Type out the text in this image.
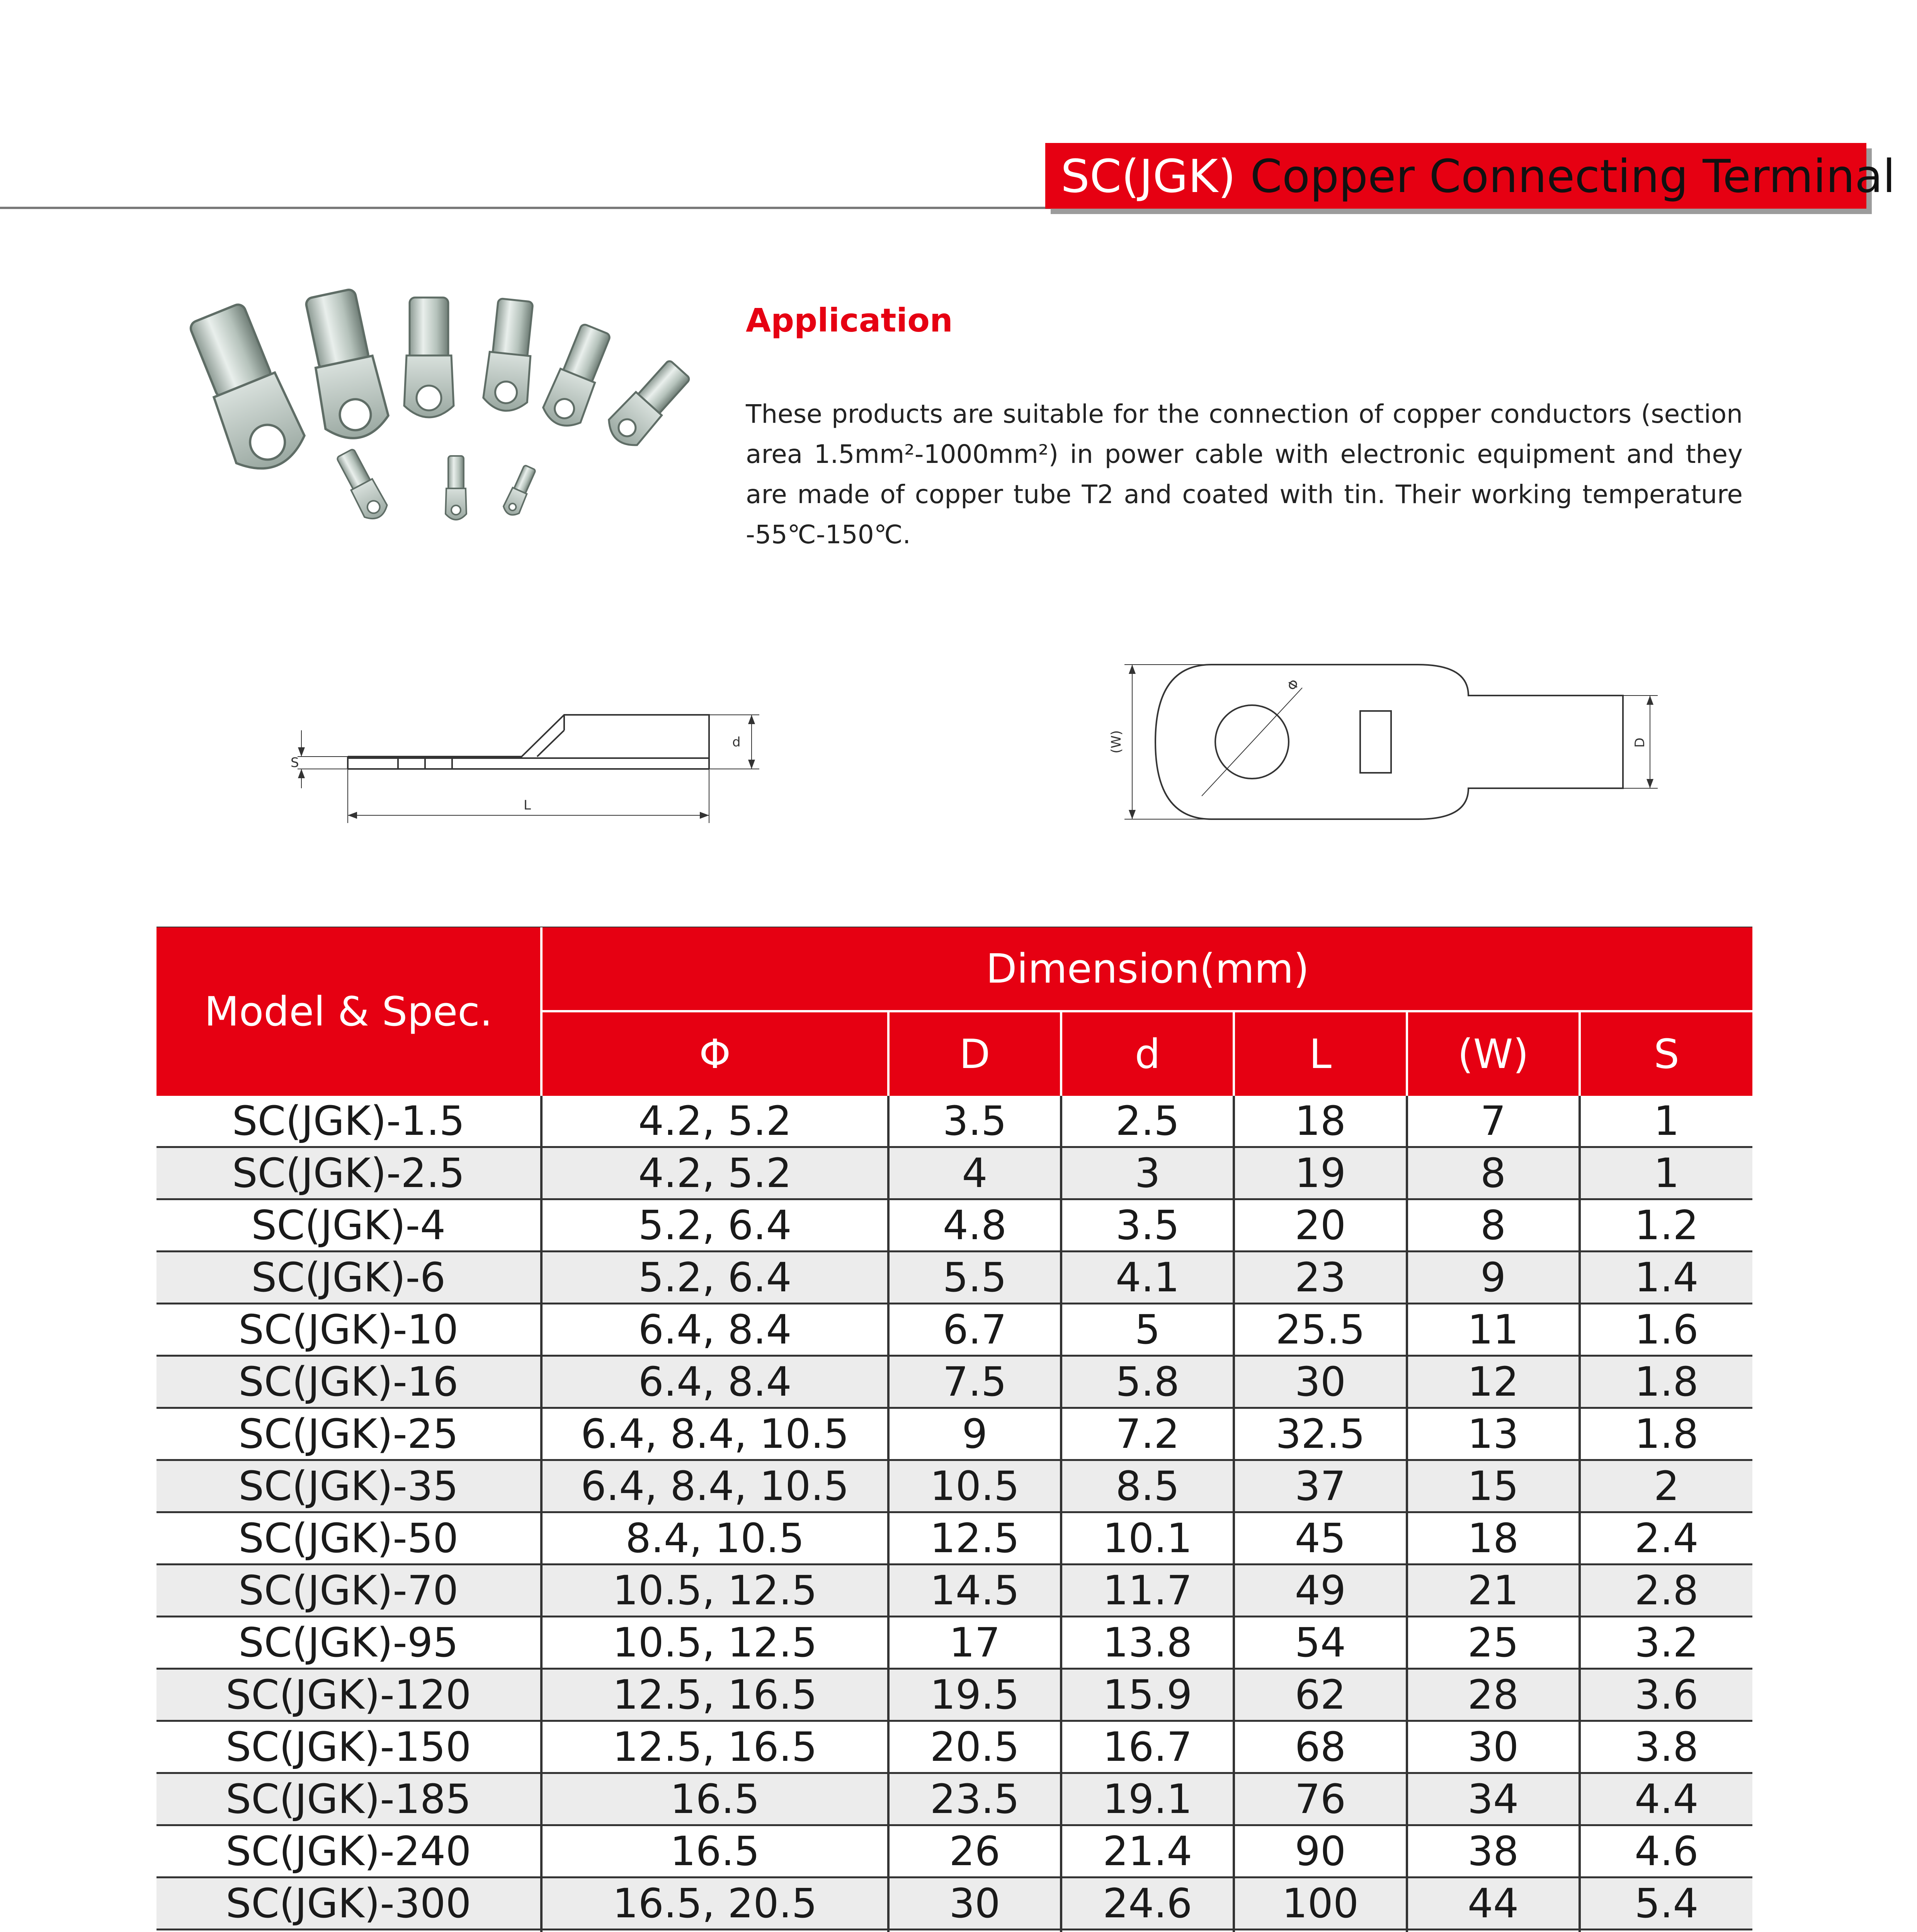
SC(JGK) Copper Connecting Terminal
Application
These products are suitable for the connection of copper conductors (section area 1.5mm²-1000mm²) in power cable with electronic equipment and they are made of copper tube T2 and coated with tin. Their working temperature -55℃-150℃.
S
L
d	(W)
Φ
D
Model & Spec.	Dimension(mm)					
	Φ	D	d	L	(W)	S
SC(JGK)-1.5	4.2, 5.2	3.5	2.5	18	7	1
SC(JGK)-2.5	4.2, 5.2	4	3	19	8	1
SC(JGK)-4	5.2, 6.4	4.8	3.5	20	8	1.2
SC(JGK)-6	5.2, 6.4	5.5	4.1	23	9	1.4
SC(JGK)-10	6.4, 8.4	6.7	5	25.5	11	1.6
SC(JGK)-16	6.4, 8.4	7.5	5.8	30	12	1.8
SC(JGK)-25	6.4, 8.4, 10.5	9	7.2	32.5	13	1.8
SC(JGK)-35	6.4, 8.4, 10.5	10.5	8.5	37	15	2
SC(JGK)-50	8.4, 10.5	12.5	10.1	45	18	2.4
SC(JGK)-70	10.5, 12.5	14.5	11.7	49	21	2.8
SC(JGK)-95	10.5, 12.5	17	13.8	54	25	3.2
SC(JGK)-120	12.5, 16.5	19.5	15.9	62	28	3.6
SC(JGK)-150	12.5, 16.5	20.5	16.7	68	30	3.8
SC(JGK)-185	16.5	23.5	19.1	76	34	4.4
SC(JGK)-240	16.5	26	21.4	90	38	4.6
SC(JGK)-300	16.5, 20.5	30	24.6	100	44	5.4
